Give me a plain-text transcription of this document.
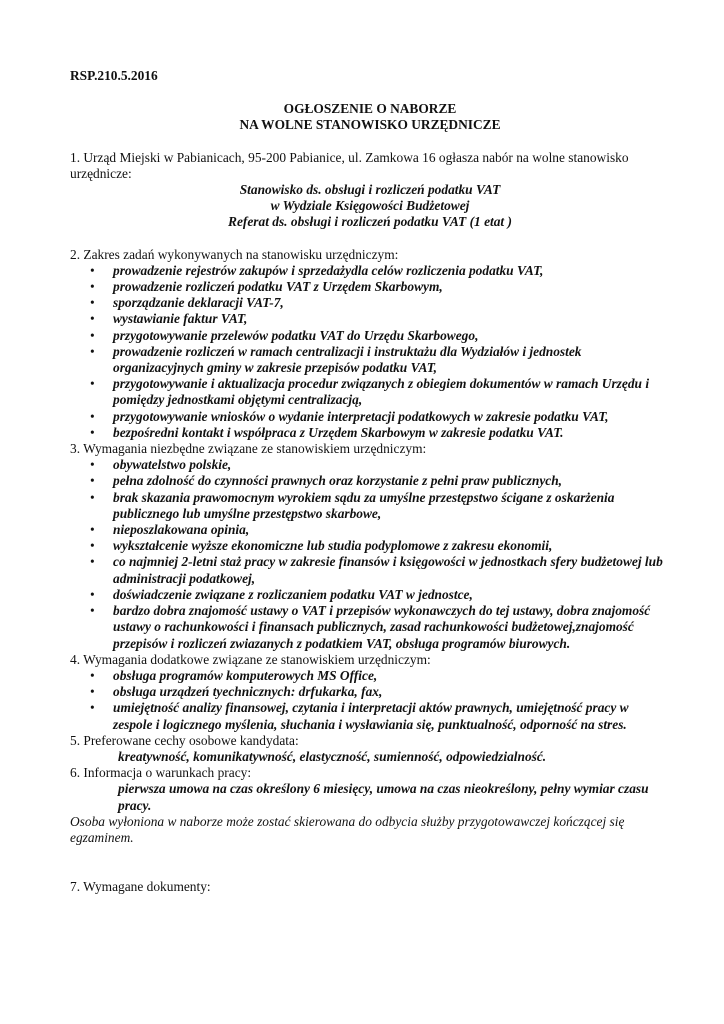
RSP.210.5.2016
OGŁOSZENIE O NABORZE
NA WOLNE STANOWISKO URZĘDNICZE
1. Urząd Miejski w Pabianicach, 95-200 Pabianice, ul. Zamkowa 16 ogłasza nabór na wolne stanowisko urzędnicze:
Stanowisko ds. obsługi i rozliczeń podatku VAT
w Wydziale Księgowości Budżetowej
Referat ds. obsługi i rozliczeń podatku VAT (1 etat )
2. Zakres zadań wykonywanych na stanowisku urzędniczym:
• prowadzenie rejestrów zakupów i sprzedażydla celów rozliczenia podatku VAT,
• prowadzenie rozliczeń podatku VAT z Urzędem Skarbowym,
• sporządzanie deklaracji VAT-7,
• wystawianie faktur VAT,
• przygotowywanie przelewów podatku VAT do Urzędu Skarbowego,
• prowadzenie rozliczeń w ramach centralizacji i instruktażu dla Wydziałów i jednostek organizacyjnych gminy w zakresie przepisów podatku VAT,
• przygotowywanie i aktualizacja procedur związanych z obiegiem dokumentów w ramach Urzędu i pomiędzy jednostkami objętymi centralizacją,
• przygotowywanie wniosków o wydanie interpretacji podatkowych w zakresie podatku VAT,
• bezpośredni kontakt i współpraca z Urzędem Skarbowym w zakresie podatku VAT.
3. Wymagania niezbędne związane ze stanowiskiem urzędniczym:
• obywatelstwo polskie,
• pełna zdolność do czynności prawnych oraz korzystanie z pełni praw publicznych,
• brak skazania prawomocnym wyrokiem sądu za umyślne przestępstwo ścigane z oskarżenia publicznego lub umyślne przestępstwo skarbowe,
• nieposzlakowana opinia,
• wykształcenie wyższe ekonomiczne lub studia podyplomowe z zakresu ekonomii,
• co najmniej 2-letni staż pracy w zakresie finansów i księgowości w jednostkach sfery budżetowej lub administracji podatkowej,
• doświadczenie związane z rozliczaniem podatku VAT w jednostce,
• bardzo dobra znajomość ustawy o VAT i przepisów wykonawczych do tej ustawy, dobra znajomość ustawy o rachunkowości i finansach publicznych, zasad rachunkowości budżetowej,znajomość przepisów i rozliczeń zwiazanych z podatkiem VAT, obsługa programów biurowych.
4. Wymagania dodatkowe związane ze stanowiskiem urzędniczym:
• obsługa programów komputerowych MS Office,
• obsługa urządzeń tyechnicznych: drfukarka, fax,
• umiejętność analizy finansowej, czytania i interpretacji aktów prawnych, umiejętność pracy w zespole i logicznego myślenia, słuchania i wysławiania się, punktualność, odporność na stres.
5. Preferowane cechy osobowe kandydata:
kreatywność, komunikatywność, elastyczność, sumienność, odpowiedzialność.
6. Informacja o warunkach pracy:
pierwsza umowa na czas określony 6 miesięcy, umowa na czas nieokreślony, pełny wymiar czasu pracy.
Osoba wyłoniona w naborze może zostać skierowana do odbycia służby przygotowawczej kończącej się egzaminem.
7. Wymagane dokumenty:
